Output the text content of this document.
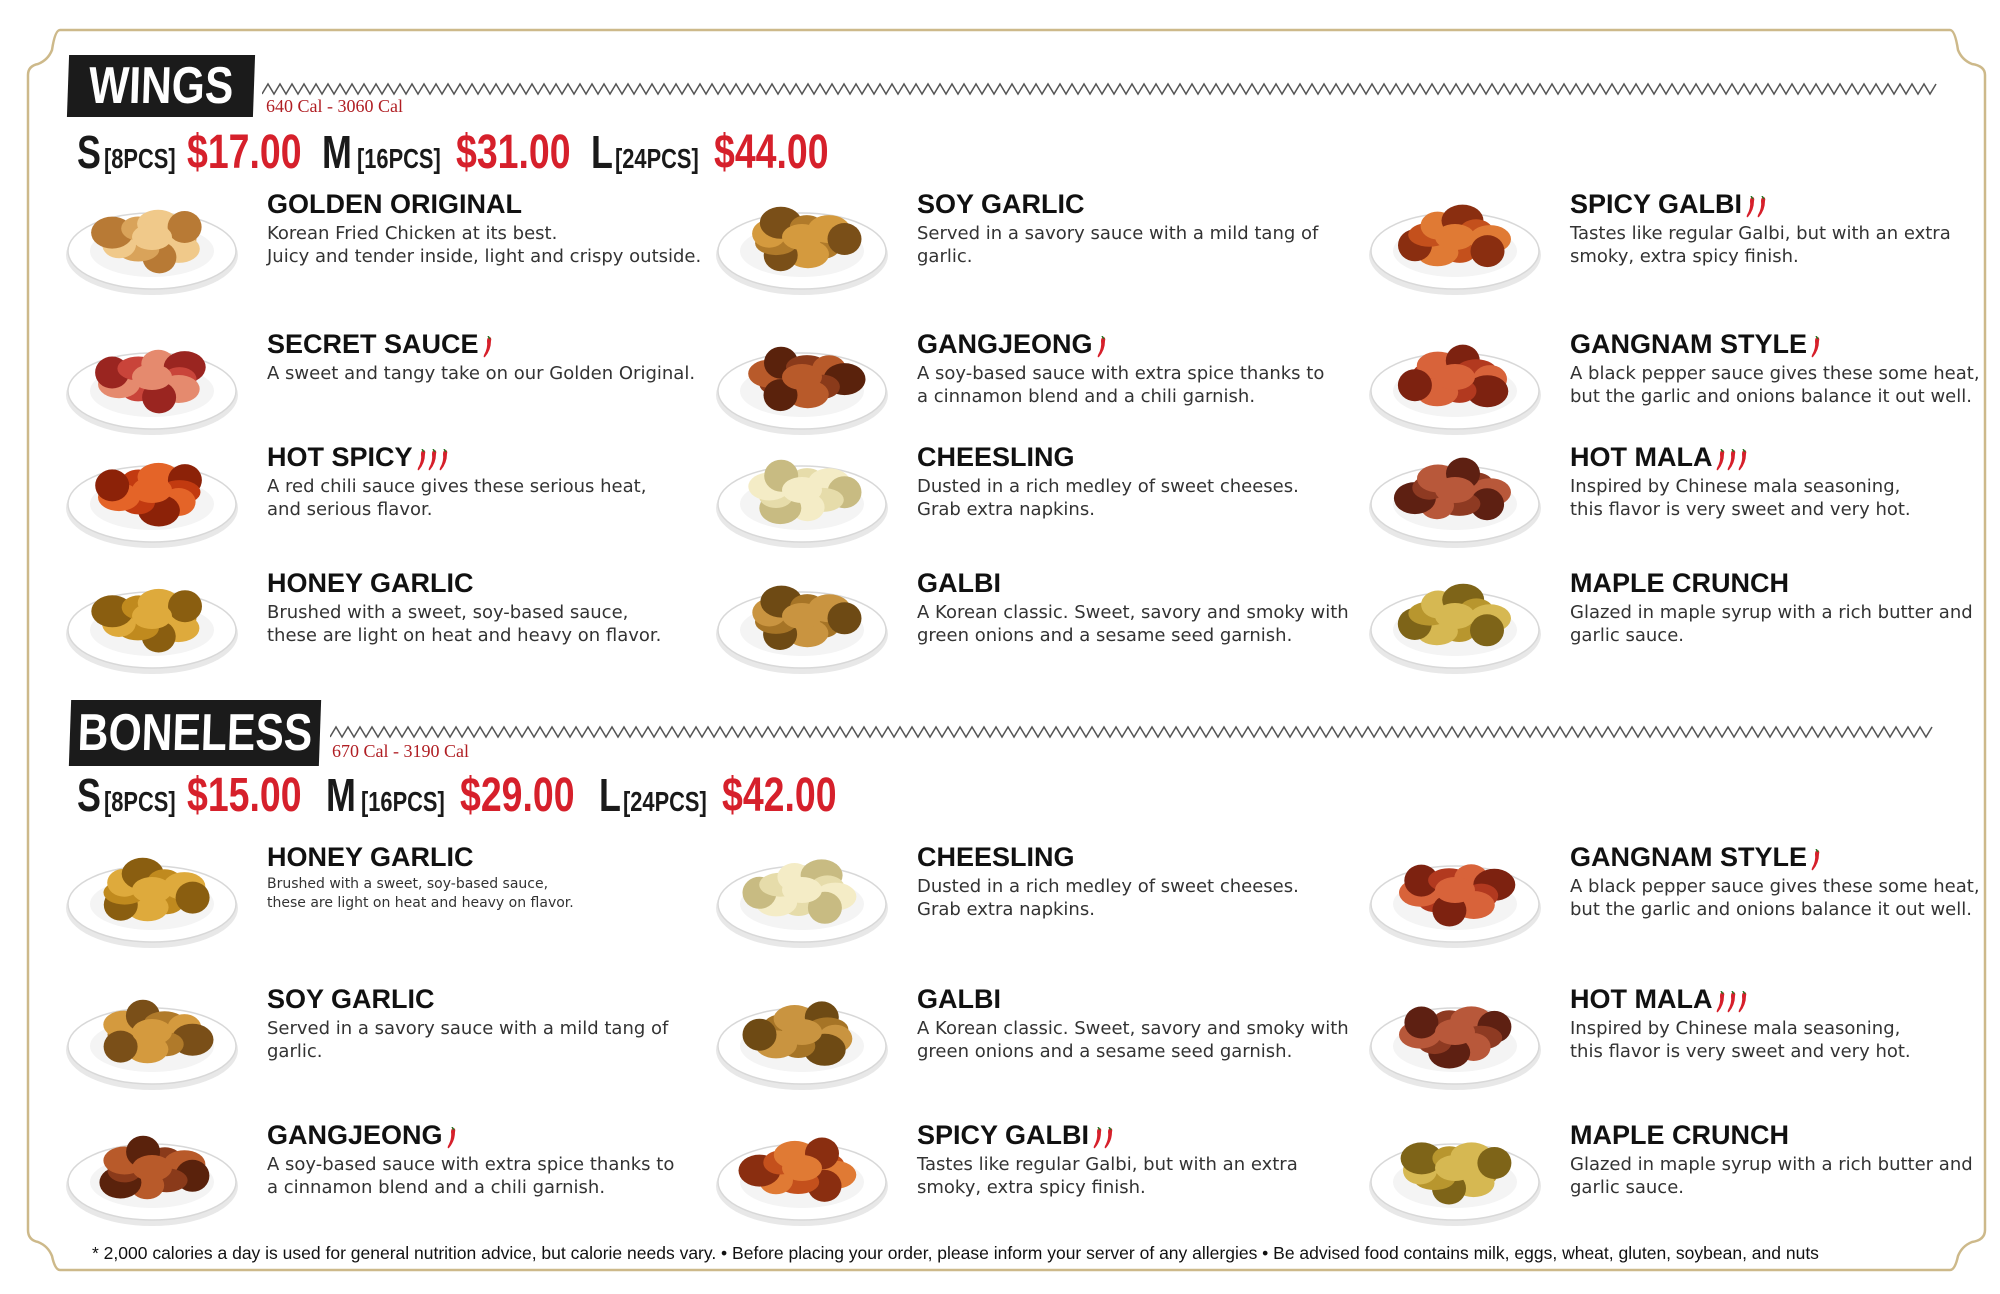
WINGS 640 Cal - 3060 Cal
S [8PCS] $17.00 M [16PCS] $31.00 L [24PCS] $44.00
GOLDEN ORIGINAL
Korean Fried Chicken at its best.
Juicy and tender inside, light and crispy outside.
SOY GARLIC
Served in a savory sauce with a mild tang of garlic.
SPICY GALBI
Tastes like regular Galbi, but with an extra
smoky, extra spicy finish.
SECRET SAUCE
A sweet and tangy take on our Golden Original.
GANGJEONG
A soy-based sauce with extra spice thanks to
a cinnamon blend and a chili garnish.
GANGNAM STYLE
A black pepper sauce gives these some heat,
but the garlic and onions balance it out well.
HOT SPICY
A red chili sauce gives these serious heat,
and serious flavor.
CHEESLING
Dusted in a rich medley of sweet cheeses.
Grab extra napkins.
HOT MALA
Inspired by Chinese mala seasoning,
this flavor is very sweet and very hot.
HONEY GARLIC
Brushed with a sweet, soy-based sauce,
these are light on heat and heavy on flavor.
GALBI
A Korean classic. Sweet, savory and smoky with
green onions and a sesame seed garnish.
MAPLE CRUNCH
Glazed in maple syrup with a rich butter and
garlic sauce.
BONELESS 670 Cal - 3190 Cal
S [8PCS] $15.00 M [16PCS] $29.00 L [24PCS] $42.00
HONEY GARLIC
Brushed with a sweet, soy-based sauce,
these are light on heat and heavy on flavor.
CHEESLING
Dusted in a rich medley of sweet cheeses.
Grab extra napkins.
GANGNAM STYLE
A black pepper sauce gives these some heat,
but the garlic and onions balance it out well.
SOY GARLIC
Served in a savory sauce with a mild tang of garlic.
GALBI
A Korean classic. Sweet, savory and smoky with
green onions and a sesame seed garnish.
HOT MALA
Inspired by Chinese mala seasoning,
this flavor is very sweet and very hot.
GANGJEONG
A soy-based sauce with extra spice thanks to
a cinnamon blend and a chili garnish.
SPICY GALBI
Tastes like regular Galbi, but with an extra
smoky, extra spicy finish.
MAPLE CRUNCH
Glazed in maple syrup with a rich butter and
garlic sauce.
* 2,000 calories a day is used for general nutrition advice, but calorie needs vary. • Before placing your order, please inform your server of any allergies • Be advised food contains milk, eggs, wheat, gluten, soybean, and nuts
